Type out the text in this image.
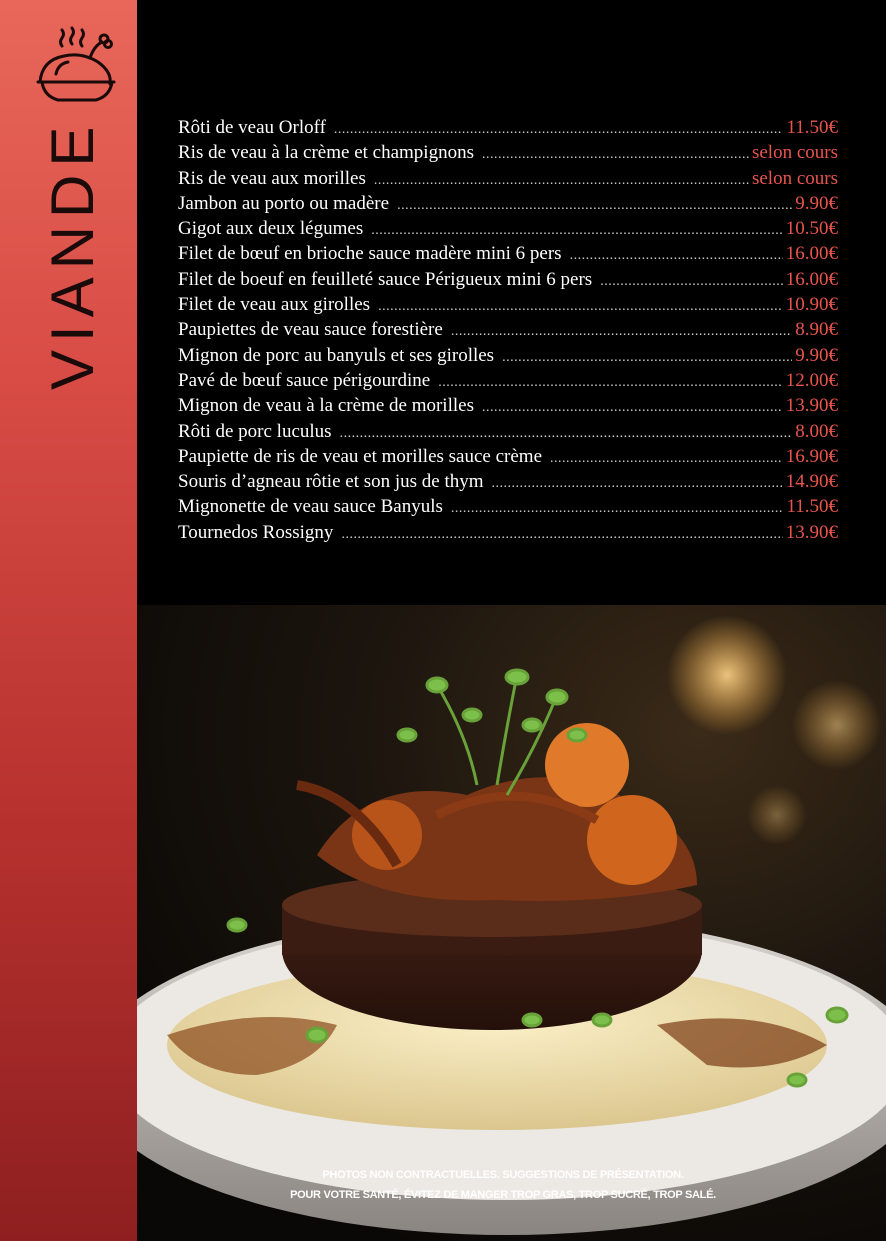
VIANDE	Rôti de veau Orloff .....	11.50€
Ris de veau à la crème et champignons .....	selon cours
Ris de veau aux morilles .....	selon cours
Jambon au porto ou madère .....	9.90€
Gigot aux deux légumes .....	10.50€
Filet de bœuf en brioche sauce madère mini 6 pers .....	16.00€
Filet de boeuf en feuilleté sauce Périgueux mini 6 pers .....	16.00€
Filet de veau aux girolles .....	10.90€
Paupiettes de veau sauce forestière .....	8.90€
Mignon de porc au banyuls et ses girolles .....	9.90€
Pavé de bœuf sauce périgourdine .....	12.00€
Mignon de veau à la crème de morilles .....	13.90€
Rôti de porc luculus .....	8.00€
Paupiette de ris de veau et morilles sauce crème .....	16.90€
Souris d’agneau rôtie et son jus de thym .....	14.90€
Mignonette de veau sauce Banyuls .....	11.50€
Tournedos Rossigny .....	13.90€
PHOTOS NON CONTRACTUELLES. SUGGESTIONS DE PRÉSENTATION.
POUR VOTRE SANTÉ, ÉVITEZ DE MANGER TROP GRAS, TROP SUCRÉ, TROP SALÉ.
